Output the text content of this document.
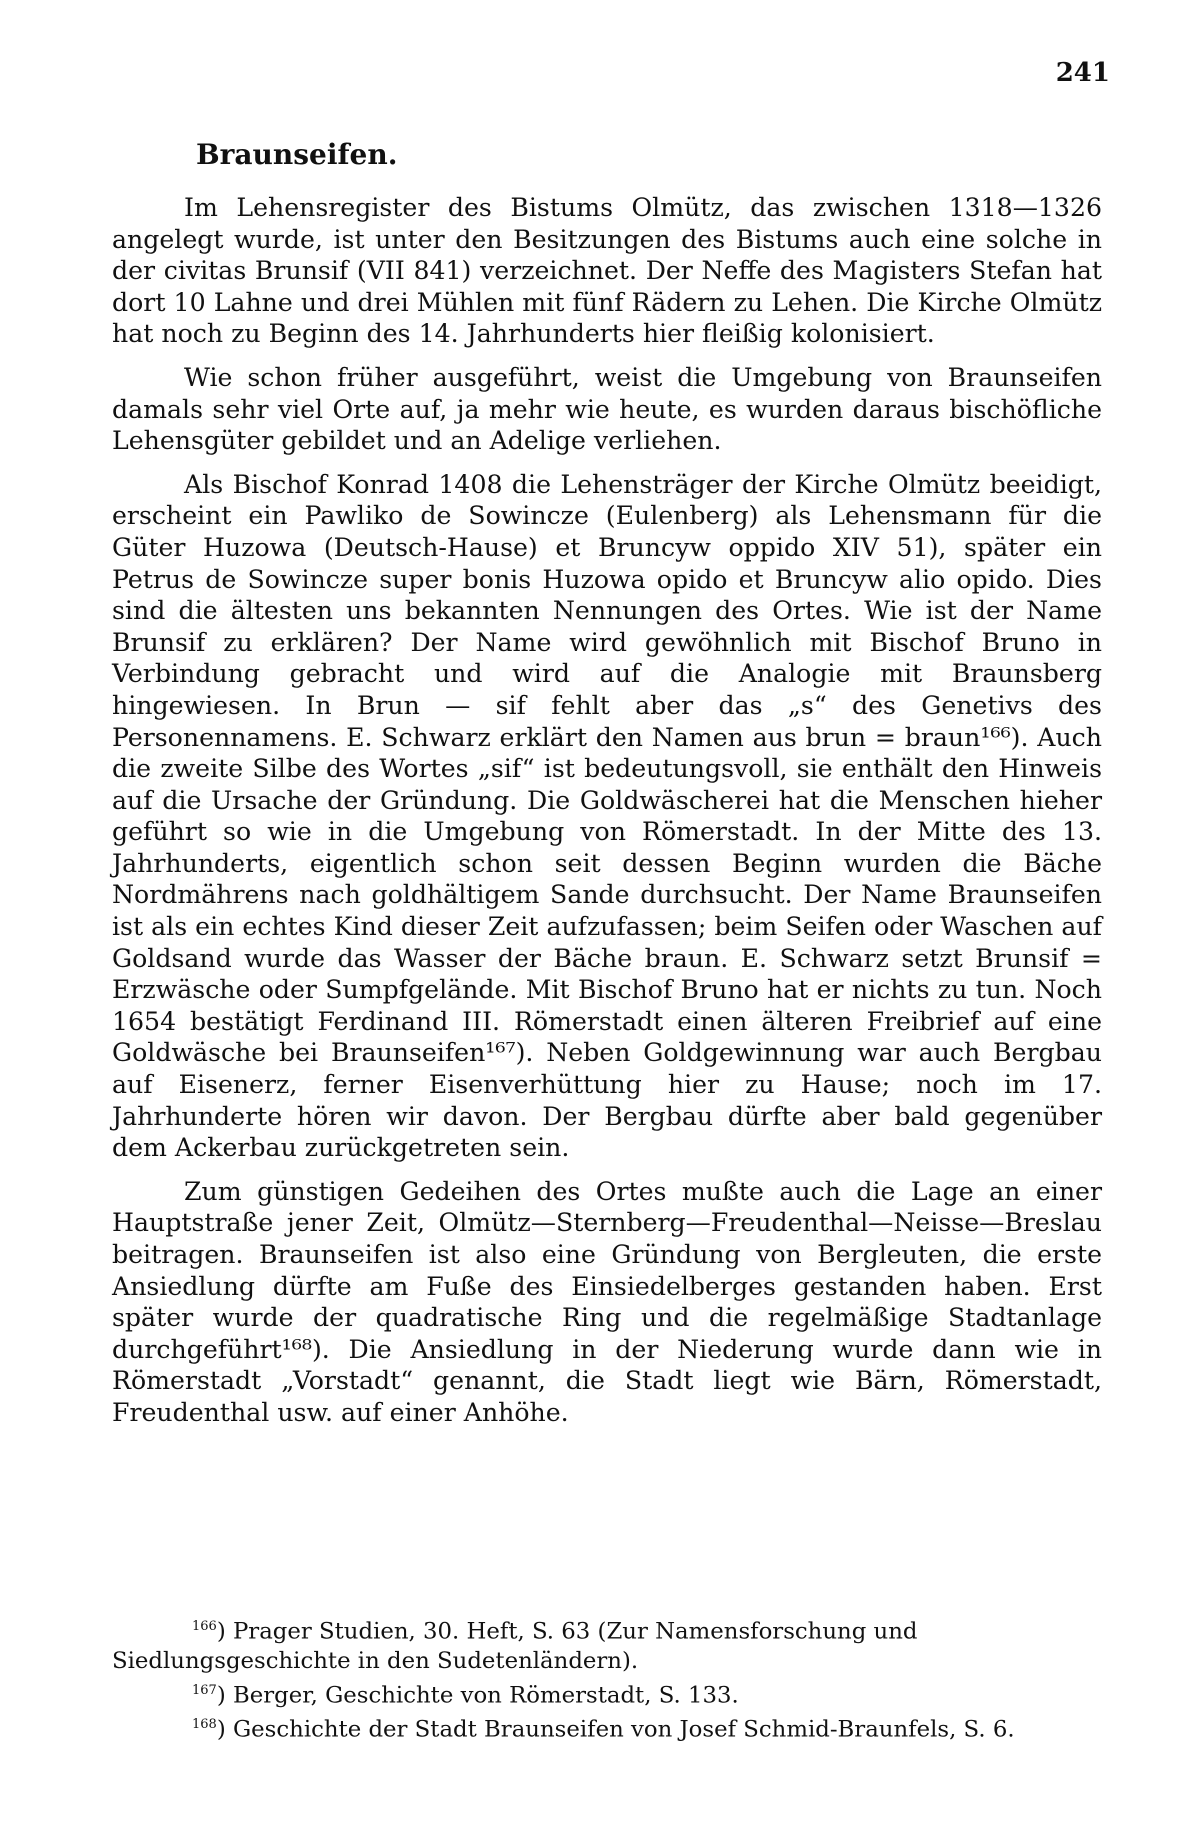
241
Braunseifen.

Im Lehensregister des Bistums Olmütz, das zwischen 1318—1326 angelegt wurde, ist unter den Besitzungen des Bistums auch eine solche in der civitas Brunsif (VII 841) verzeichnet. Der Neffe des Magisters Stefan hat dort 10 Lahne und drei Mühlen mit fünf Rädern zu Lehen. Die Kirche Olmütz hat noch zu Beginn des 14. Jahrhunderts hier fleißig kolonisiert.

Wie schon früher ausgeführt, weist die Umgebung von Braunseifen damals sehr viel Orte auf, ja mehr wie heute, es wurden daraus bischöfliche Lehensgüter gebildet und an Adelige verliehen.

Als Bischof Konrad 1408 die Lehensträger der Kirche Olmütz beeidigt, erscheint ein Pawliko de Sowincze (Eulenberg) als Lehensmann für die Güter Huzowa (Deutsch-Hause) et Bruncyw oppido XIV 51), später ein Petrus de Sowincze super bonis Huzowa opido et Bruncyw alio opido. Dies sind die ältesten uns bekannten Nennungen des Ortes. Wie ist der Name Brunsif zu erklären? Der Name wird gewöhnlich mit Bischof Bruno in Verbindung gebracht und wird auf die Analogie mit Braunsberg hingewiesen. In Brun — sif fehlt aber das „s“ des Genetivs des Personennamens. E. Schwarz erklärt den Namen aus brun = braun¹⁶⁶). Auch die zweite Silbe des Wortes „sif“ ist bedeutungsvoll, sie enthält den Hinweis auf die Ursache der Gründung. Die Goldwäscherei hat die Menschen hieher geführt so wie in die Umgebung von Römerstadt. In der Mitte des 13. Jahrhunderts, eigentlich schon seit dessen Beginn wurden die Bäche Nordmährens nach goldhältigem Sande durchsucht. Der Name Braunseifen ist als ein echtes Kind dieser Zeit aufzufassen; beim Seifen oder Waschen auf Goldsand wurde das Wasser der Bäche braun. E. Schwarz setzt Brunsif = Erzwäsche oder Sumpfgelände. Mit Bischof Bruno hat er nichts zu tun. Noch 1654 bestätigt Ferdinand III. Römerstadt einen älteren Freibrief auf eine Goldwäsche bei Braunseifen¹⁶⁷). Neben Goldgewinnung war auch Bergbau auf Eisenerz, ferner Eisenverhüttung hier zu Hause; noch im 17. Jahrhunderte hören wir davon. Der Bergbau dürfte aber bald gegenüber dem Ackerbau zurückgetreten sein.

Zum günstigen Gedeihen des Ortes mußte auch die Lage an einer Hauptstraße jener Zeit, Olmütz—Sternberg—Freudenthal—Neisse—Breslau beitragen. Braunseifen ist also eine Gründung von Bergleuten, die erste Ansiedlung dürfte am Fuße des Einsiedelberges gestanden haben. Erst später wurde der quadratische Ring und die regelmäßige Stadtanlage durchgeführt¹⁶⁸). Die Ansiedlung in der Niederung wurde dann wie in Römerstadt „Vorstadt“ genannt, die Stadt liegt wie Bärn, Römerstadt, Freudenthal usw. auf einer Anhöhe.

$^{166}$) Prager Studien, 30. Heft, S. 63 (Zur Namensforschung und Siedlungsgeschichte in den Sudetenländern).

$^{167}$) Berger, Geschichte von Römerstadt, S. 133.

$^{168}$) Geschichte der Stadt Braunseifen von Josef Schmid-Braunfels, S. 6.
